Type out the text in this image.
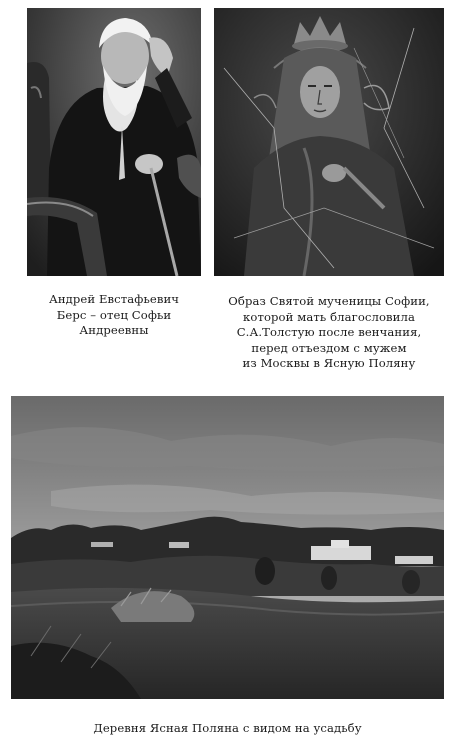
Андрей Евстафьевич
Берс – отец Софьи
Андреевны
Образ Святой мученицы Софии,
которой мать благословила
С.А.Толстую после венчания,
перед отъездом с мужем
из Москвы в Ясную Поляну
Деревня Ясная Поляна с видом на усадьбу
